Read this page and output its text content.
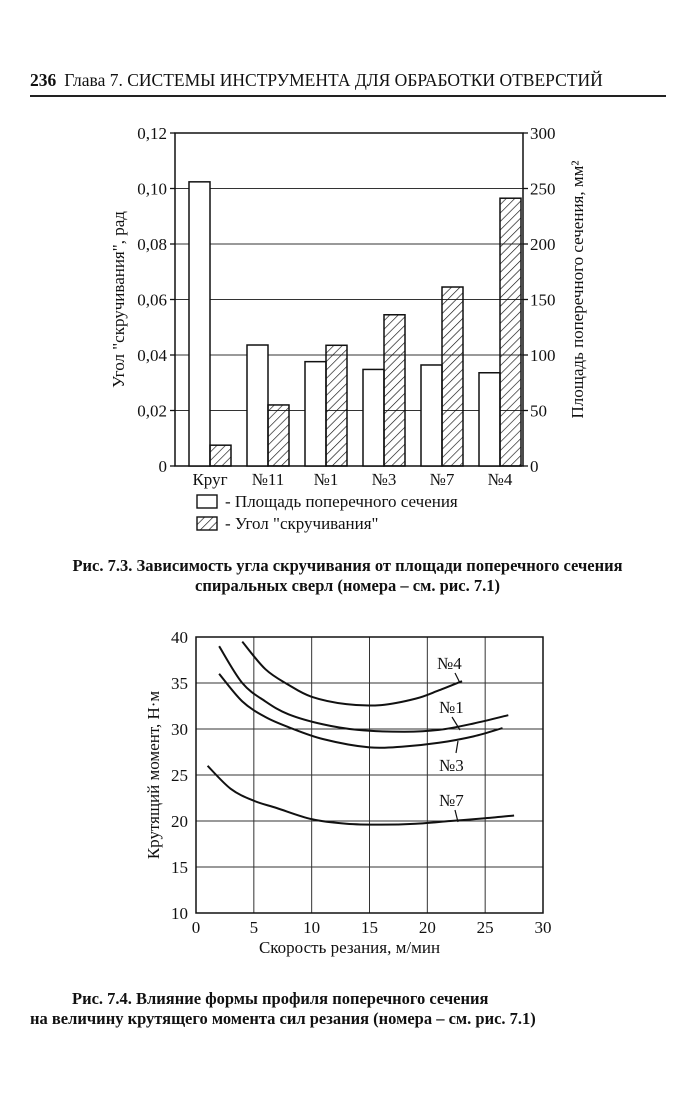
236 Глава 7. СИСТЕМЫ ИНСТРУМЕНТА ДЛЯ ОБРАБОТКИ ОТВЕРСТИЙ
0
0,02
0,04
0,06
0,08
0,10
0,12
0
50
100
150
200
250
300
Угол "скручивания", рад	Площадь поперечного сечения, мм²
Круг №11 №1 №3 №7 №4
- Площадь поперечного сечения
- Угол "скручивания"
Рис. 7.3. Зависимость угла скручивания от площади поперечного сечения спиральных сверл (номера – см. рис. 7.1)
0	5	10 15 20 25 30
10
15
20
25
30
35
40
Скорость резания, м/мин
Крутящий момент, Н·м
№4
№1
№3
№7
Рис. 7.4. Влияние формы профиля поперечного сечения
на величину крутящего момента сил резания (номера – см. рис. 7.1)
